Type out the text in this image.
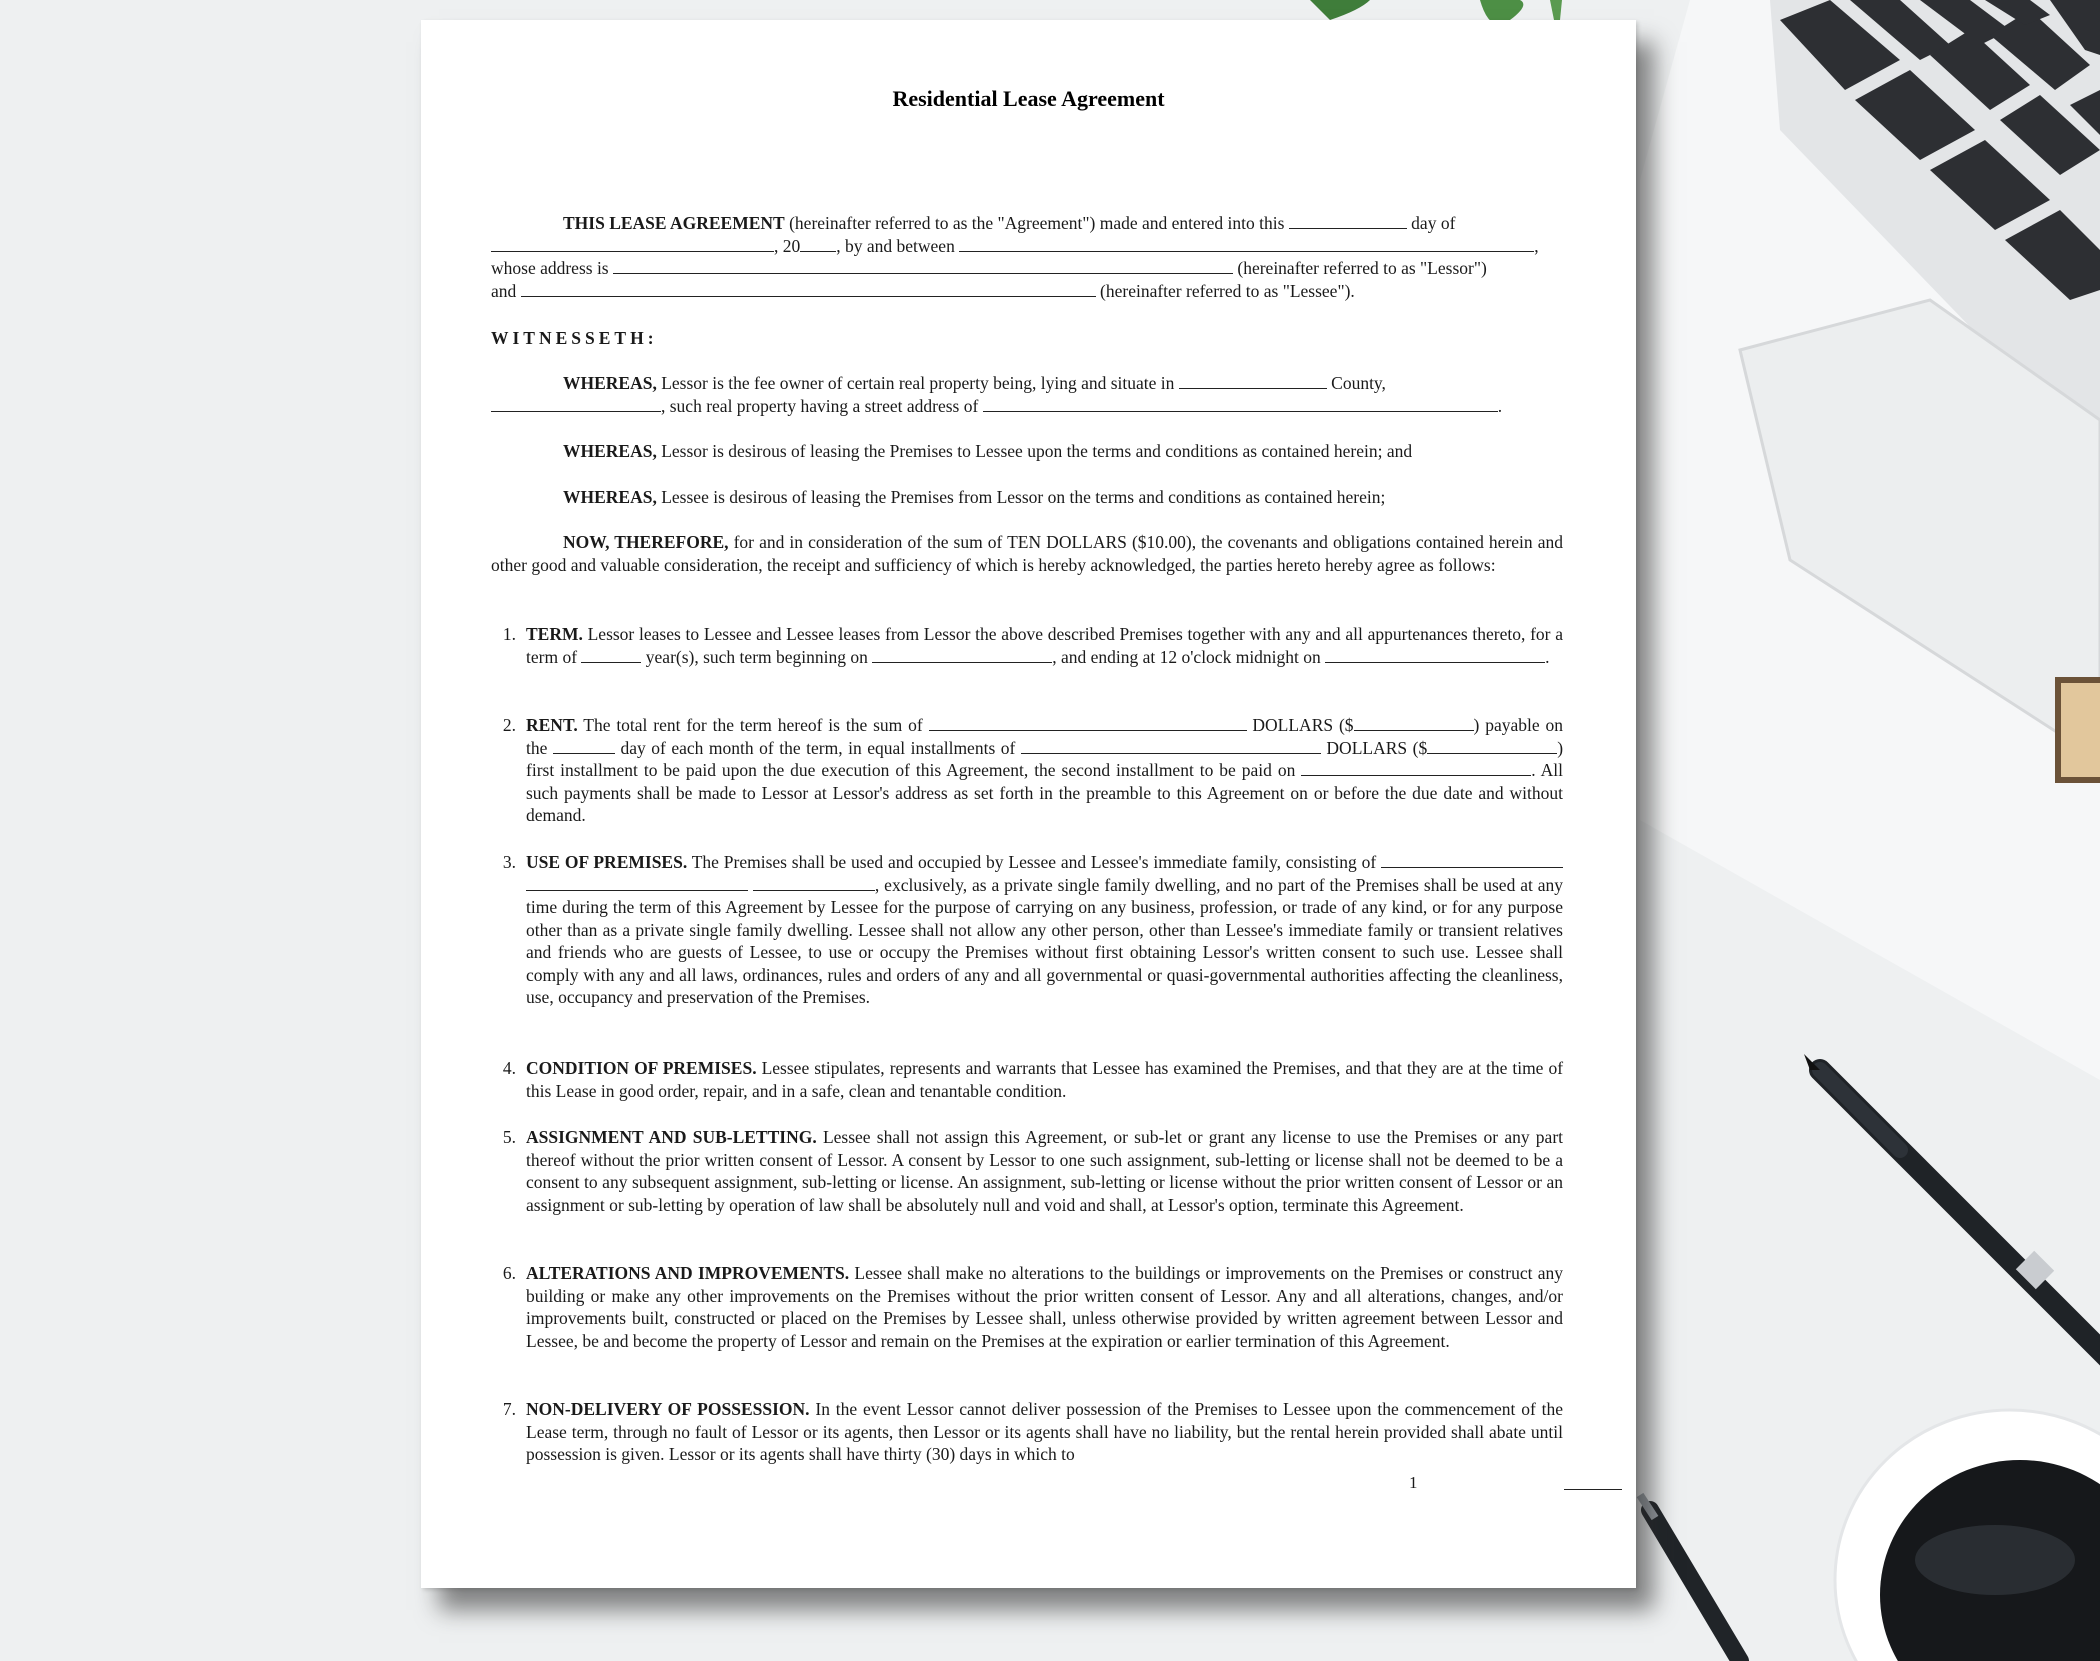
Residential Lease Agreement

THIS LEASE AGREEMENT (hereinafter referred to as the "Agreement") made and entered into this	day of

, 20 , by and between	,

whose address is	(hereinafter referred to as "Lessor")

and	(hereinafter referred to as "Lessee").

WITNESSETH:

WHEREAS, Lessor is the fee owner of certain real property being, lying and situate in	County,

, such real property having a street address of	.

WHEREAS, Lessor is desirous of leasing the Premises to Lessee upon the terms and conditions as contained herein; and

WHEREAS, Lessee is desirous of leasing the Premises from Lessor on the terms and conditions as contained herein;

NOW, THEREFORE, for and in consideration of the sum of TEN DOLLARS ($10.00), the covenants and obligations contained herein and other good and valuable consideration, the receipt and sufficiency of which is hereby acknowledged, the parties hereto hereby agree as follows:

1. TERM. Lessor leases to Lessee and Lessee leases from Lessor the above described Premises together with any and all appurtenances thereto, for a term of	year(s), such term beginning on	, and ending at 12 o'clock midnight on	.

2. RENT. The total rent for the term hereof is the sum of	DOLLARS ($	) payable on the	day of each month of the term, in equal installments of	DOLLARS ($	) first installment to be paid upon the due execution of this Agreement, the second installment to be paid on	. All such payments shall be made to Lessor at Lessor's address as set forth in the preamble to this Agreement on or before the due date and without demand.

3. USE OF PREMISES. The Premises shall be used and occupied by Lessee and Lessee's immediate family, consisting of   , exclusively, as a private single family dwelling, and no part of the Premises shall be used at any time during the term of this Agreement by Lessee for the purpose of carrying on any business, profession, or trade of any kind, or for any purpose other than as a private single family dwelling. Lessee shall not allow any other person, other than Lessee's immediate family or transient relatives and friends who are guests of Lessee, to use or occupy the Premises without first obtaining Lessor's written consent to such use. Lessee shall comply with any and all laws, ordinances, rules and orders of any and all governmental or quasi-governmental authorities affecting the cleanliness, use, occupancy and preservation of the Premises.

4. CONDITION OF PREMISES. Lessee stipulates, represents and warrants that Lessee has examined the Premises, and that they are at the time of this Lease in good order, repair, and in a safe, clean and tenantable condition.

5. ASSIGNMENT AND SUB-LETTING. Lessee shall not assign this Agreement, or sub-let or grant any license to use the Premises or any part thereof without the prior written consent of Lessor. A consent by Lessor to one such assignment, sub-letting or license shall not be deemed to be a consent to any subsequent assignment, sub-letting or license. An assignment, sub-letting or license without the prior written consent of Lessor or an assignment or sub-letting by operation of law shall be absolutely null and void and shall, at Lessor's option, terminate this Agreement.

6. ALTERATIONS AND IMPROVEMENTS. Lessee shall make no alterations to the buildings or improvements on the Premises or construct any building or make any other improvements on the Premises without the prior written consent of Lessor. Any and all alterations, changes, and/or improvements built, constructed or placed on the Premises by Lessee shall, unless otherwise provided by written agreement between Lessor and Lessee, be and become the property of Lessor and remain on the Premises at the expiration or earlier termination of this Agreement.

7. NON-DELIVERY OF POSSESSION. In the event Lessor cannot deliver possession of the Premises to Lessee upon the commencement of the Lease term, through no fault of Lessor or its agents, then Lessor or its agents shall have no liability, but the rental herein provided shall abate until possession is given. Lessor or its agents shall have thirty (30) days in which to

1
